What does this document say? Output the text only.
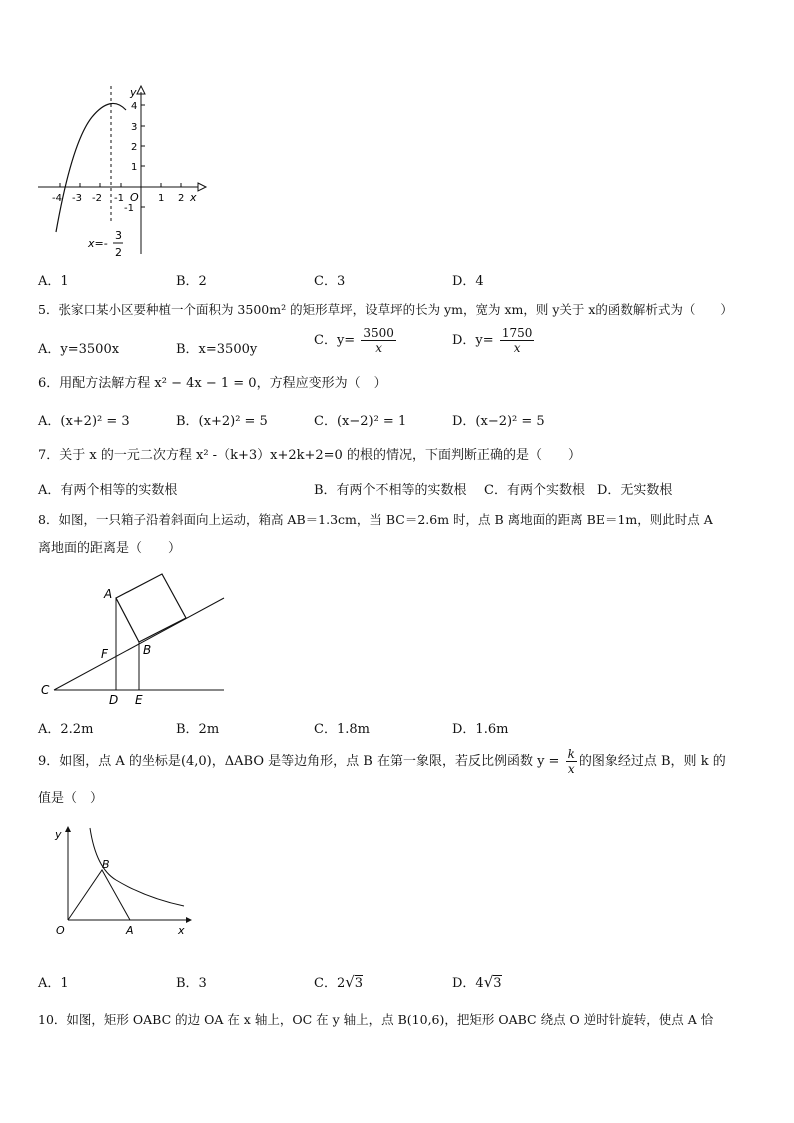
y
x
O
-4 -3 -2 -1	1 2
4
3
2
1
-1
x=-
3
2
A．1	B．2	C．3	D．4
5．张家口某小区要种植一个面积为 3500m² 的矩形草坪，设草坪的长为 ym，宽为 xm，则 y关于 x的函数解析式为（　　）
A．y=3500x	B．x=3500y
C．$y= \frac{3500}{x}$	D．$y= \frac{1750}{x}$
6．用配方法解方程 x² − 4x − 1 = 0，方程应变形为（　）
A．(x+2)² = 3	B．(x+2)² = 5	C．(x−2)² = 1	D．(x−2)² = 5
7．关于 x 的一元二次方程 x² -（k+3）x+2k+2=0 的根的情况，下面判断正确的是（　　）
A．有两个相等的实数根	B．有两个不相等的实数根 C．有两个实数根 D．无实数根
8．如图，一只箱子沿着斜面向上运动，箱高 AB＝1.3cm，当 BC＝2.6m 时，点 B 离地面的距离 BE＝1m，则此时点 A
离地面的距离是（　　）
A
B
C
D E
F
A．2.2m	B．2m	C．1.8m	D．1.6m
9．如图，点 A 的坐标是(4,0)，ΔABO 是等边角形，点 B 在第一象限，若反比例函数 $y = \frac{k}{x}$ 的图象经过点 B，则 k 的
值是（　）
y
x
O	A
B
A．1	B．3	C．2√3	D．4√3
10．如图，矩形 OABC 的边 OA 在 x 轴上，OC 在 y 轴上，点 B(10,6)，把矩形 OABC 绕点 O 逆时针旋转，使点 A 恰
